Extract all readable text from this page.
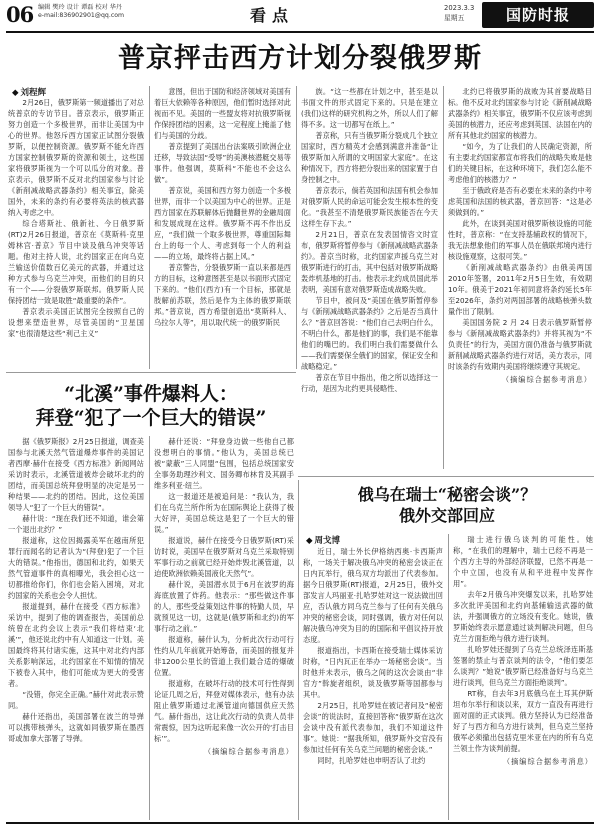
06 编辑 樊玲 设计 谭磊 校对 华丹
e-mail:836902901@qq.com	看点	2023.3.3
星期五	国防时报
普京抨击西方计划分裂俄罗斯
◆ 刘程辉

2月26日，俄罗斯第一频道播出了对总统普京的专访节目。普京表示，俄罗斯正努力创造一个多极世界，而非让美国为中心的世界。他怒斥西方国家正试图分裂俄罗斯，以便控制资源。俄罗斯不能允许西方国家控制俄罗斯的资源和领土，这些国家将俄罗斯视为一个可以瓜分的对象。普京表示，俄罗斯不反对北约国家参与讨论《新削减战略武器条约》相关事宜，除美国外，未来的条约有必要将英法的核武器纳入考虑之中。

综合塔斯社、俄新社、今日俄罗斯(RT)2月26日报道，普京在《莫斯科·克里姆林宫·普京》节目中谈及俄乌冲突等话题。他对主持人说，北约国家正在向乌克兰输送价值数百亿美元的武器，并通过这种方式参与乌克兰冲突，而他们的目的只有一个——分裂俄罗斯联邦。俄罗斯人民保持团结一致是取胜“最重要的条件”。

普京表示美国正试图完全按照自己的设想来塑造世界，尽管美国的“卫星国家”也很清楚这些“利己主义”

意图，但出于国防和经济领域对美国有着巨大依赖等各种原因，他们暂时选择对此视而不见。美国的一些盟友将对抗俄罗斯视作保持团结的因素，这一定程度上掩盖了他们与美国的分歧。

普京提到了美国出台法案吸引欧洲企业迁移，导致法国“受辱”的美澳核潜艇交易等事件。他强调，莫斯科“不能也不会这么做”。

普京说，美国和西方努力创造一个多极世界，而非一个以美国为中心的世界。正是西方国家在苏联解体后抛翻世界的金融局面和发展成现在这样。俄罗斯不再不作出反应，“我们做一个取多极世界，尊重国际舞台上的每一个人、考虑到每一个人的利益——的立场，最终将占据上风。”

普京警告，分裂俄罗斯一直以来都是西方的目标，这种意图甚至是以书面形式固定下来的。“他们(西方)有一个目标，那就是肢解前苏联，然后是作为主体的俄罗斯联邦。”普京说，西方希望创造出“莫斯科人、乌拉尔人等”，用以取代统一的俄罗斯民

族。“这一些都在计划之中，甚至是以书面文件的形式固定下来的。只是在建立(我们)这样的研究机构之外，所以人们了解得不多。这一切都写在纸上。”

普京称，只有当俄罗斯分裂成几个独立国家时，西方精英才会感到满意并准备“让俄罗斯加入所谓的文明国家大家庭”。在这种情况下，西方将把分裂出来的国家置于自身控制之中。

普京表示，倘若英国和法国有机会参加对俄罗斯人民的命运可能会发生根本性的变化。“我甚至不清楚俄罗斯民族能否在今天这样生存下去。”

2月21日，普京在发表国情咨文时宣布，俄罗斯将暂停参与《新削减战略武器条约》。普京当时称，北约国家声援乌克兰对俄罗斯进行的打击，其中包括对俄罗斯战略轰炸机基地的打击。他表示北约成员国此举表明，美国有意对俄罗斯造成战略失败。

节目中，被问及“美国在俄罗斯暂停参与《新削减战略武器条约》之后是否当真什么？”普京回答说：“他们自己去明白什么，不明白什么，都是他们的事，我们是不能靠他们的嘴巴的。我们明白我们需要做什么——我们需要保全俄们的国家，保证安全和战略稳定。”

普京在节目中指出，他之所以选择这一行动，是因为北约更具侵略性、

北约已将俄罗斯的战败为其首要战略目标。他不反对北约国家参与讨论《新削减战略武器条约》相关事宜，俄罗斯不仅应该考虑到美国的核潜力，还应考虑到英国、法国在内的所有其他北约国家的核潜力。

“如今，为了让我们的人民确定资源，所有主要北约国家都宣布将我们的战略失败是他们的关键目标，在这种环境下，我们怎么能不考虑他们的核潜力？”

至于俄政府是否有必要在未来的条约中考虑英国和法国的核武器，普京回答：“这是必须做到的。”

此外，在谈到美国对俄罗斯核设施的可能性时，普京称：“在支持基辅政权的情况下，我无法想象他们的军事人员在俄联邦境内进行核设施观察，这很可笑。”

《新削减战略武器条约》由俄美两国2010年签署，2011年2月5日生效，有效期10年。俄美于2021年初同意将条约延长5年至2026年，条约对两国部署的战略核弹头数量作出了限制。

美国国务院 2 月 24 日表示俄罗斯暂停参与《新削减战略武器条约》并将其视为“不负责任”的行为，美国方面仍准备与俄罗斯就新削减战略武器条约进行对话，美方表示，同时该条约有效期内美国将继续遵守其规定。

（摘编综合据参考消息）
“北溪”事件爆料人：
拜登“犯了一个巨大的错误”

据《俄罗斯报》2月25日报道，调查美国参与北溪天然气管道爆炸事件的美国记者西摩·赫什在接受《西方标准》新闻网站采访时表示，北溪管道被炸会破坏北约的团结，而美国总统拜登明显的决定是另一种结果——北约的团结。因此，这位美国领导人“犯了一个巨大的错误”。

赫什说：“现在我们还不知道，谁会第一个退出北约？”

报道称，这位因揭露美军在越南所犯罪行而闻名的记者认为“(拜登)犯了一个巨大的错误。”他指出，德国和北约，如果天然气管道事件的真相曝光，我会担心这一切都推给你们，你们也会陷入困境，对北约国家的关系也会令人担忧。

报道提到，赫什在接受《西方标准》采访中，提到了他的调查报告，美国前总统曾在北约会议上表示“我们将结束‘北溪’”，他还说北约中有人知道这一计划。美国最终将其付诸实施，这其中对北约内部关系影响深远，北约国家在不知情的情况下被卷入其中，他们可能成为更大的受害者。

“没错，你完全正确。”赫什对此表示赞同。

赫什还指出，美国部署在波兰的导弹可以携带核弹头，这就如同俄罗斯在墨西哥或加拿大部署了导弹。

赫什还说：“拜登身边做一些他自己都没想明白的事情。”他认为，美国总统已被“蒙蔽”三人同盟“包围，包括总统国家安全事务助理沙利文、国务卿布林肯及其副手维多利亚·纽兰。

这一报道还是被追问是：“我认为，我们在乌克兰所作所为在国际舆论上获得了极大好评，美国总统这是犯了一个巨大的错误。”

报道说，赫什在接受今日俄罗斯(RT)采访时说，美国早在俄罗斯对乌克兰采取特别军事行动之前就已经开始炸毁北溪管道，以迫使欧洲依赖美国液化天然气”。

赫什说，美国潜水员于6月在波罗的海海底放置了炸药。他表示：“那些做这件事的人，那些受益策划这件事的特勤人员，早就预见这一切，这就是(俄罗斯和北约)的军事行动之前。”

报道称，赫什认为，分析此次行动可行性约从几年前就开始筹备，而美国的报复并非1200公里长的管道上我们最合适的爆破位置。

报道称，在破坏行动的技术可行性得到论证几周之后，拜登对媒体表示，他有办法阻止俄罗斯通过北溪管道向德国供应天然气。赫什指出，这让此次行动的负责人员非常震惊，因为这听起来像一次公开的‘打击目标’”。

（摘编综合据参考消息）
俄乌在瑞士“秘密会谈”？
俄外交部回应
◆ 周戈博

近日，瑞士外长伊格纳西奥·卡西斯声称，一场关于解决俄乌冲突的秘密会谈正在日内瓦举行，俄乌双方均派出了代表参加。据今日俄罗斯(RT)报道，2月25日，俄外交部发言人玛丽亚·扎哈罗娃对这一说法做出回应，否认俄方同乌克兰参与了任何有关俄乌冲突的秘密会谈，同时强调，俄方对任何以解决俄乌冲突为目的的国际和平倡议持开放态度。

报道指出，卡西斯在接受瑞士媒体采访时称，“日内瓦正在举办一场秘密会谈”。当时他并未表示，俄乌之间的这次会谈由“非官方”斡旋者组织，谈及俄罗斯等国都参与其中。

2月25日，扎哈罗娃在被记者问及“秘密会谈”的说法时，直接回答称“俄罗斯在这次会谈中没有派代表参加，我们不知道这件事”。她说：“据我所知，俄罗斯外交官没有参加过任何有关乌克兰问题的秘密会谈。”

同时，扎哈罗娃也申明否认了北约

瑞士进行俄乌谈判的可能性。她称，“在我们的理解中，瑞士已经不再是一个西方主导的外部经济联盟，已然不再是一个中立国，也没有从和平进程中发挥作用”。

去年2月俄乌冲突爆发以来，扎哈罗娃多次批评美国和北约向基辅输送武器的做法，并强调俄方的立场没有变化。她说，俄罗斯始终表示愿意通过谈判解决问题，但乌克兰方面拒绝与俄方进行谈判。

扎哈罗娃还提到了乌克兰总统泽连斯基签署的禁止与普京谈判的法令，“他们要怎么谈判？”她说“俄罗斯已经准备好与乌克兰进行谈判，但乌克兰方面拒绝谈判”。

RT称，自去年3月底俄乌在土耳其伊斯坦布尔举行和谈以来，双方一直没有再进行面对面的正式谈判。俄方坚持认为已经准备好了与西方和乌方进行谈判，但乌克兰坚持俄军必须撤出包括克里米亚在内的所有乌克兰领土作为谈判前提。

（摘编综合据参考消息）
